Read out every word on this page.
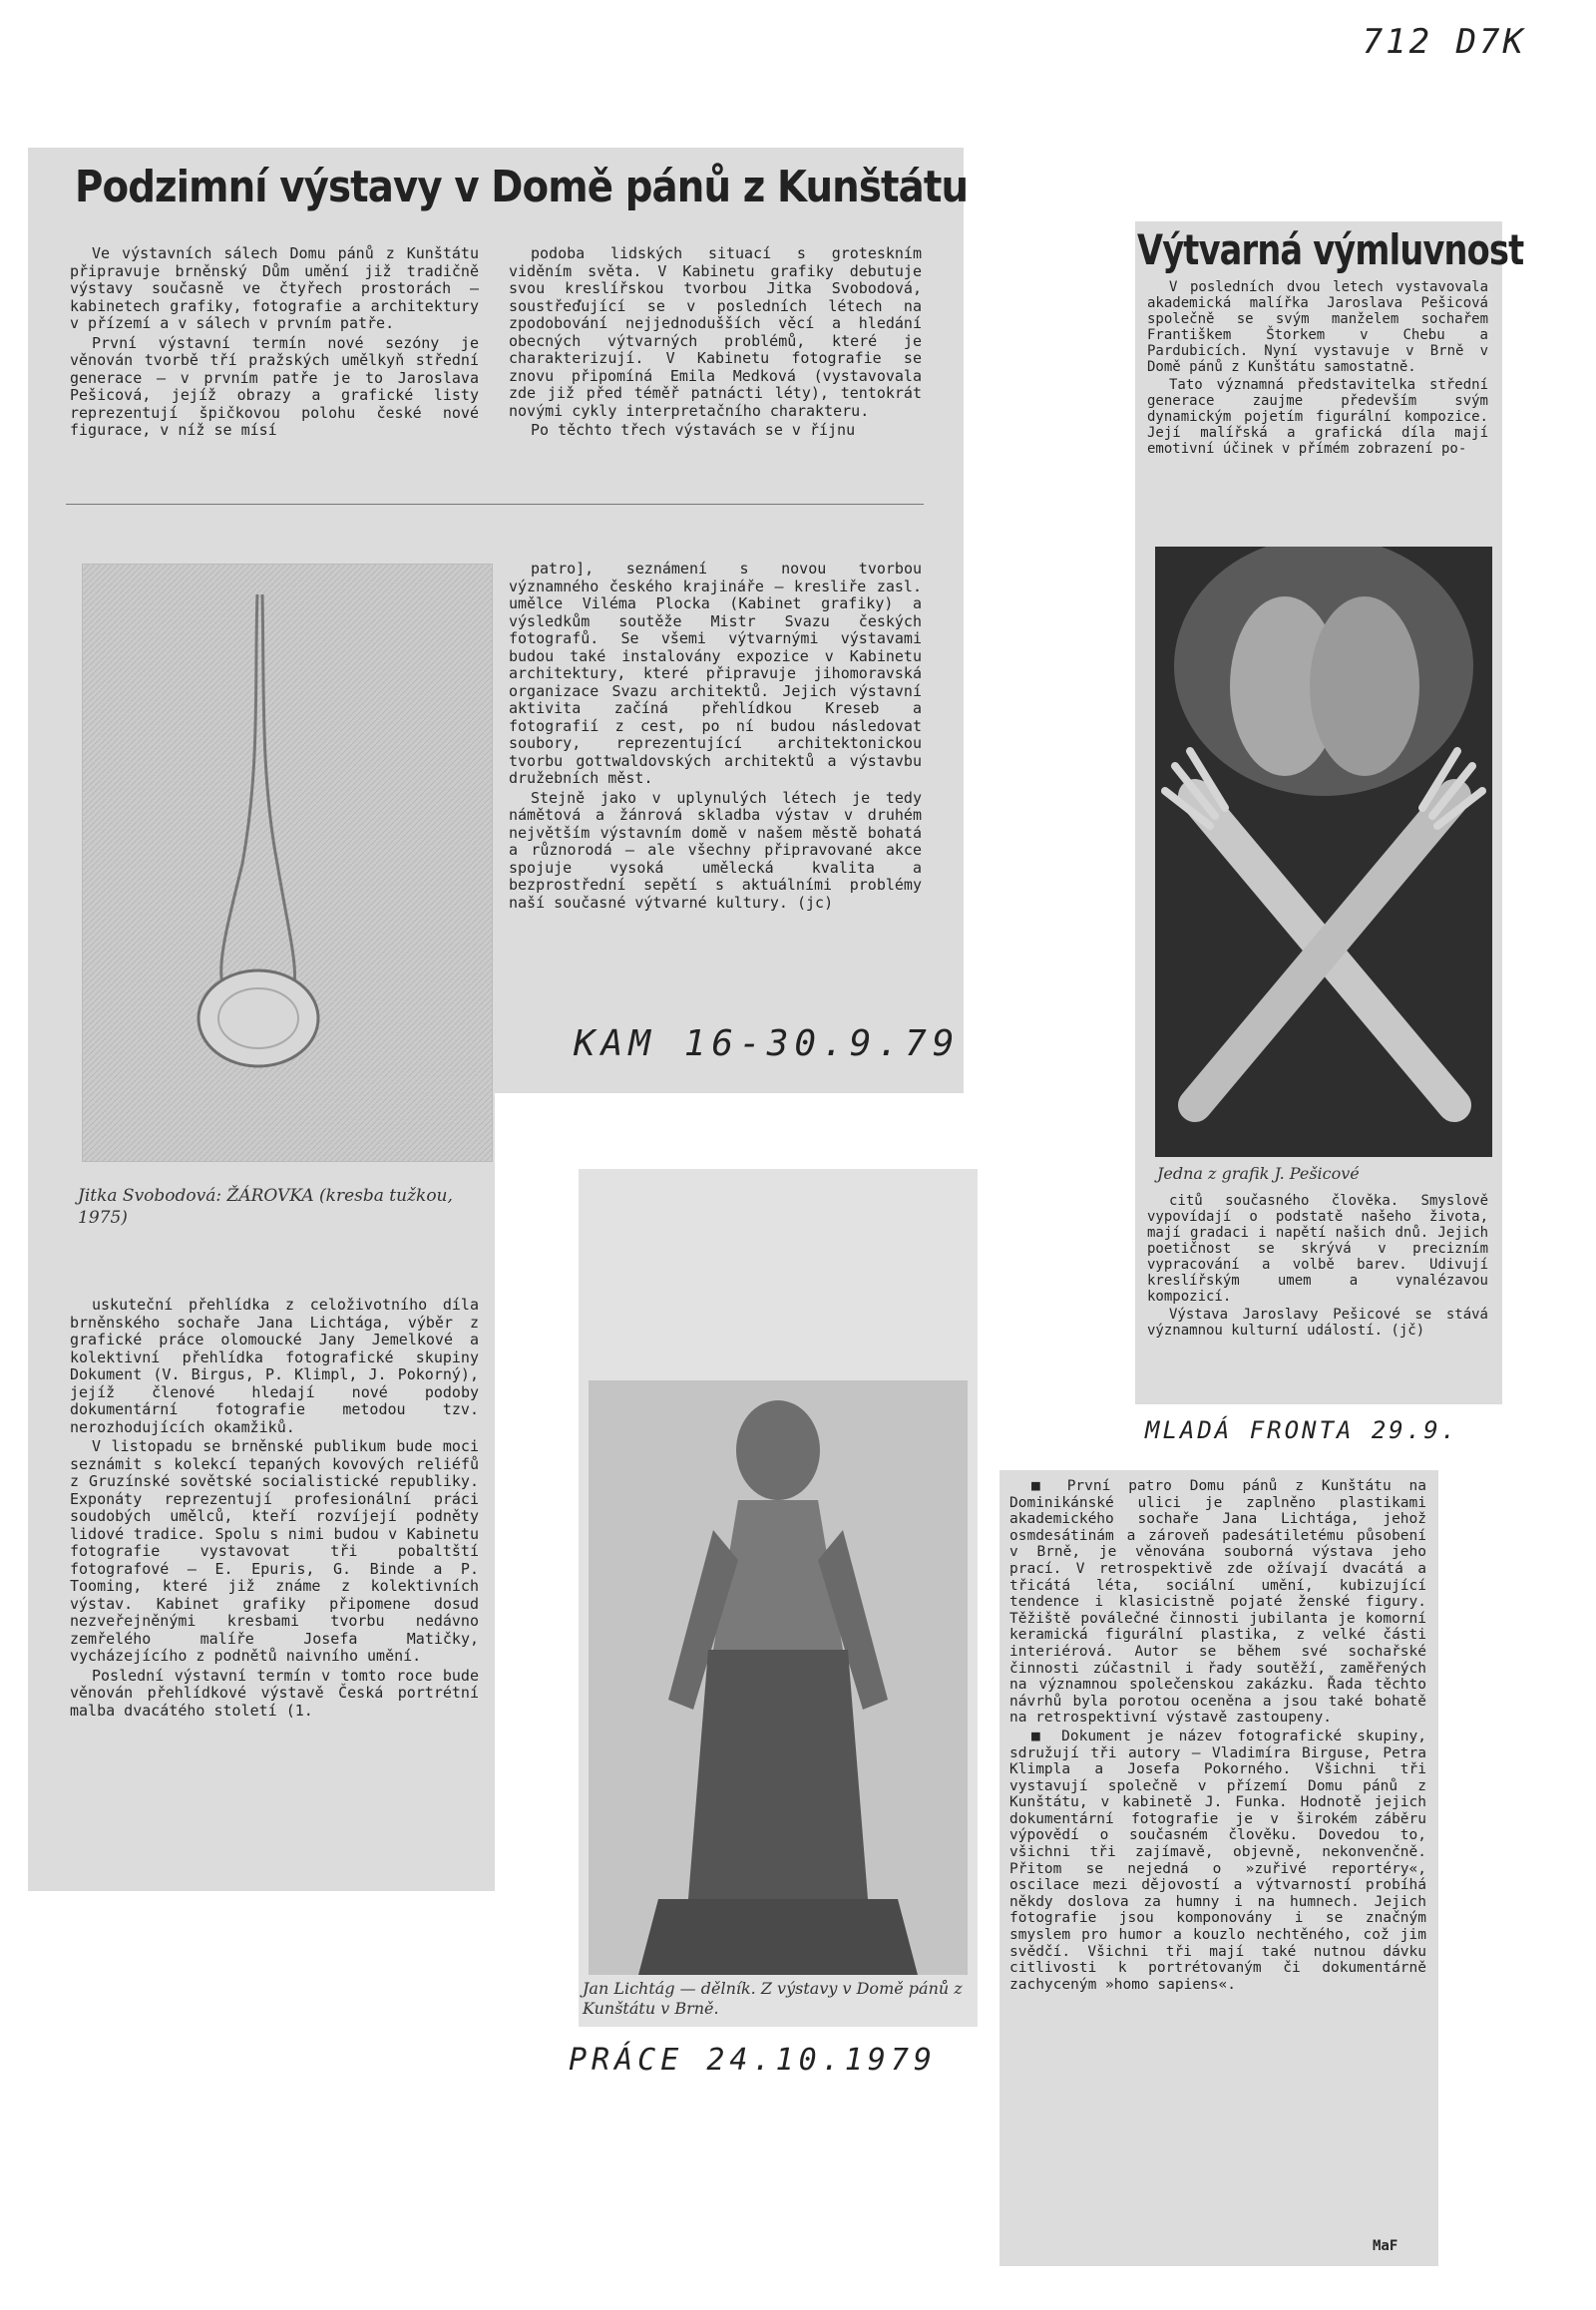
712 D7K
Podzimní výstavy v Domě pánů z Kunštátu

Ve výstavních sálech Domu pánů z Kunštátu připravuje brněnský Dům umění již tradičně výstavy současně ve čtyřech prostorách — kabinetech grafiky, fotografie a architektury v přízemí a v sálech v prvním patře.

První výstavní termín nové sezóny je věnován tvorbě tří pražských umělkyň střední generace — v prvním patře je to Jaroslava Pešicová, jejíž obrazy a grafické listy reprezentují špičkovou polohu české nové figurace, v níž se mísí

podoba lidských situací s groteskním viděním světa. V Kabinetu grafiky debutuje svou kreslířskou tvorbou Jitka Svobodová, soustřeďující se v posledních létech na zpodobování nejjednodušších věcí a hledání obecných výtvarných problémů, které je charakterizují. V Kabinetu fotografie se znovu připomíná Emila Medková (vystavovala zde již před téměř patnácti léty), tentokrát novými cykly interpretačního charakteru.

Po těchto třech výstavách se v říjnu

patro], seznámení s novou tvorbou významného českého krajináře — kresliře zasl. umělce Viléma Plocka (Kabinet grafiky) a výsledkům soutěže Mistr Svazu českých fotografů. Se všemi výtvarnými výstavami budou také instalovány expozice v Kabinetu architektury, které připravuje jihomoravská organizace Svazu architektů. Jejich výstavní aktivita začíná přehlídkou Kreseb a fotografií z cest, po ní budou následovat soubory, reprezentující architektonickou tvorbu gottwaldovských architektů a výstavbu družebních měst.

Stejně jako v uplynulých létech je tedy námětová a žánrová skladba výstav v druhém největším výstavním domě v našem městě bohatá a různorodá — ale všechny připravované akce spojuje vysoká umělecká kvalita a bezprostřední sepětí s aktuálními problémy naší současné výtvarné kultury. (jc)

KAM 16-30.9.79
Jitka Svobodová: ŽÁROVKA (kresba tužkou, 1975)

uskuteční přehlídka z celoživotního díla brněnského sochaře Jana Lichtága, výběr z grafické práce olomoucké Jany Jemelkové a kolektivní přehlídka fotografické skupiny Dokument (V. Birgus, P. Klimpl, J. Pokorný), jejíž členové hledají nové podoby dokumentární fotografie metodou tzv. nerozhodujících okamžiků.

V listopadu se brněnské publikum bude moci seznámit s kolekcí tepaných kovových reliéfů z Gruzínské sovětské socialistické republiky. Exponáty reprezentují profesionální práci soudobých umělců, kteří rozvíjejí podněty lidové tradice. Spolu s nimi budou v Kabinetu fotografie vystavovat tři pobaltští fotografové — E. Epuris, G. Binde a P. Tooming, které již známe z kolektivních výstav. Kabinet grafiky připomene dosud nezveřejněnými kresbami tvorbu nedávno zemřelého malíře Josefa Matičky, vycházejícího z podnětů naivního umění.

Poslední výstavní termín v tomto roce bude věnován přehlídkové výstavě Česká portrétní malba dvacátého století (1.

Výtvarná výmluvnost

V posledních dvou letech vystavovala akademická malířka Jaroslava Pešicová společně se svým manželem sochařem Františkem Štorkem v Chebu a Pardubicích. Nyní vystavuje v Brně v Domě pánů z Kunštátu samostatně.

Tato významná představitelka střední generace zaujme především svým dynamickým pojetím figurální kompozice. Její malířská a grafická díla mají emotivní účinek v přímém zobrazení po-

Jedna z grafik J. Pešicové

citů současného člověka. Smyslově vypovídají o podstatě našeho života, mají gradaci i napětí našich dnů. Jejich poetičnost se skrývá v precizním vypracování a volbě barev. Udivují kreslířským umem a vynalézavou kompozicí.

Výstava Jaroslavy Pešicové se stává významnou kulturní událostí. (jč)

MLADÁ FRONTA 29.9.
Jan Lichtág — dělník. Z výstavy v Domě pánů z Kunštátu v Brně.
PRÁCE 24.10.1979

■ První patro Domu pánů z Kunštátu na Dominikánské ulici je zaplněno plastikami akademického sochaře Jana Lichtága, jehož osmdesátinám a zároveň padesátiletému působení v Brně, je věnována souborná výstava jeho prací. V retrospektivě zde ožívají dvacátá a třicátá léta, sociální umění, kubizující tendence i klasicistně pojaté ženské figury. Těžiště poválečné činnosti jubilanta je komorní keramická figurální plastika, z velké části interiérová. Autor se během své sochařské činnosti zúčastnil i řady soutěží, zaměřených na významnou společenskou zakázku. Řada těchto návrhů byla porotou oceněna a jsou také bohatě na retrospektivní výstavě zastoupeny.

■ Dokument je název fotografické skupiny, sdružují tři autory — Vladimíra Birguse, Petra Klimpla a Josefa Pokorného. Všichni tři vystavují společně v přízemí Domu pánů z Kunštátu, v kabinetě J. Funka. Hodnotě jejich dokumentární fotografie je v širokém záběru výpovědí o současném člověku. Dovedou to, všichni tři zajímavě, objevně, nekonvenčně. Přitom se nejedná o »zuřivé reportéry«, oscilace mezi dějovostí a výtvarností probíhá někdy doslova za humny i na humnech. Jejich fotografie jsou komponovány i se značným smyslem pro humor a kouzlo nechtěného, což jim svědčí. Všichni tři mají také nutnou dávku citlivosti k portrétovaným či dokumentárně zachyceným »homo sapiens«.

MaF
